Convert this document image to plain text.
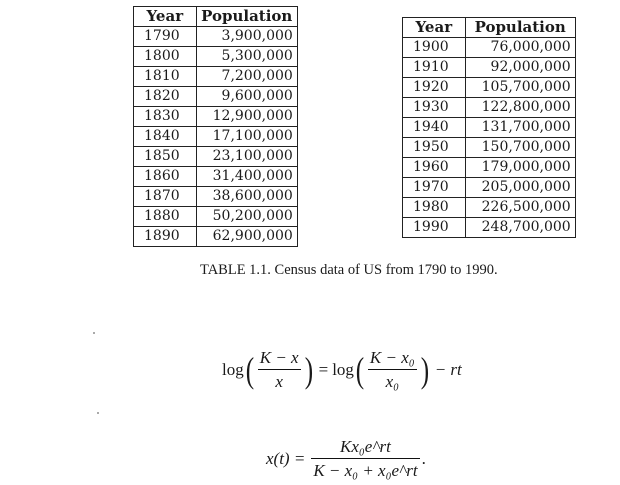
Year	Population
1790	3,900,000
1800	5,300,000
1810	7,200,000
1820	9,600,000
1830	12,900,000
1840	17,100,000
1850	23,100,000
1860	31,400,000
1870	38,600,000
1880	50,200,000
1890	62,900,000
Year	Population
1900	76,000,000
1910	92,000,000
1920	105,700,000
1930	122,800,000
1940	131,700,000
1950	150,700,000
1960	179,000,000
1970	205,000,000
1980	226,500,000
1990	248,700,000
TABLE 1.1. Census data of US from 1790 to 1990.
log ( $\frac{K - x}{x}$ ) = log ( $\frac{\text{K − x₀}}{\text{x₀}}$ ) − rt
$x(t) = \frac{\text{Kx₀e\textasciicircum{}rt}}{\text{K − x₀ + x₀e\textasciicircum{}rt}}$ .
